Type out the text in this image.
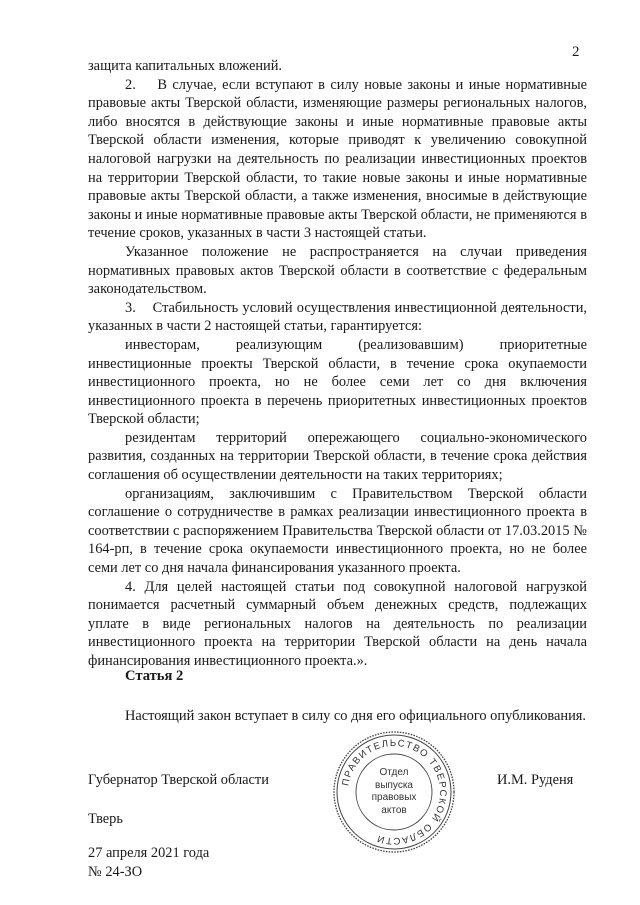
2

защита капитальных вложений.

2.    В случае, если вступают в силу новые законы и иные нормативные правовые акты Тверской области, изменяющие размеры региональных налогов, либо вносятся в действующие законы и иные нормативные правовые акты Тверской области изменения, которые приводят к увеличению совокупной налоговой нагрузки на деятельность по реализации инвестиционных проектов на территории Тверской области, то такие новые законы и иные нормативные правовые акты Тверской области, а также изменения, вносимые в действующие законы и иные нормативные правовые акты Тверской области, не применяются в течение сроков, указанных в части 3 настоящей статьи.

Указанное положение не распространяется на случаи приведения нормативных правовых актов Тверской области в соответствие с федеральным законодательством.

3.    Стабильность условий осуществления инвестиционной деятельности, указанных в части 2 настоящей статьи, гарантируется:

инвесторам, реализующим (реализовавшим) приоритетные инвестиционные проекты Тверской области, в течение срока окупаемости инвестиционного проекта, но не более семи лет со дня включения инвестиционного проекта в перечень приоритетных инвестиционных проектов Тверской области;

резидентам территорий опережающего социально-экономического развития, созданных на территории Тверской области, в течение срока действия соглашения об осуществлении деятельности на таких территориях;

организациям, заключившим с Правительством Тверской области соглашение о сотрудничестве в рамках реализации инвестиционного проекта в соответствии с распоряжением Правительства Тверской области от 17.03.2015 № 164-рп, в течение срока окупаемости инвестиционного проекта, но не более семи лет со дня начала финансирования указанного проекта.

4. Для целей настоящей статьи под совокупной налоговой нагрузкой понимается расчетный суммарный объем денежных средств, подлежащих уплате в виде региональных налогов на деятельность по реализации инвестиционного проекта на территории Тверской области на день начала финансирования инвестиционного проекта.».

Статья 2

Настоящий закон вступает в силу со дня его официального опубликования.

Губернатор Тверской области	И.М. Руденя
Тверь
27 апреля 2021 года
№ 24-ЗО
ПРАВИТЕЛЬСТВО ТВЕРСКОЙ ОБЛАСТИ
Отдел
выпуска
правовых
актов
